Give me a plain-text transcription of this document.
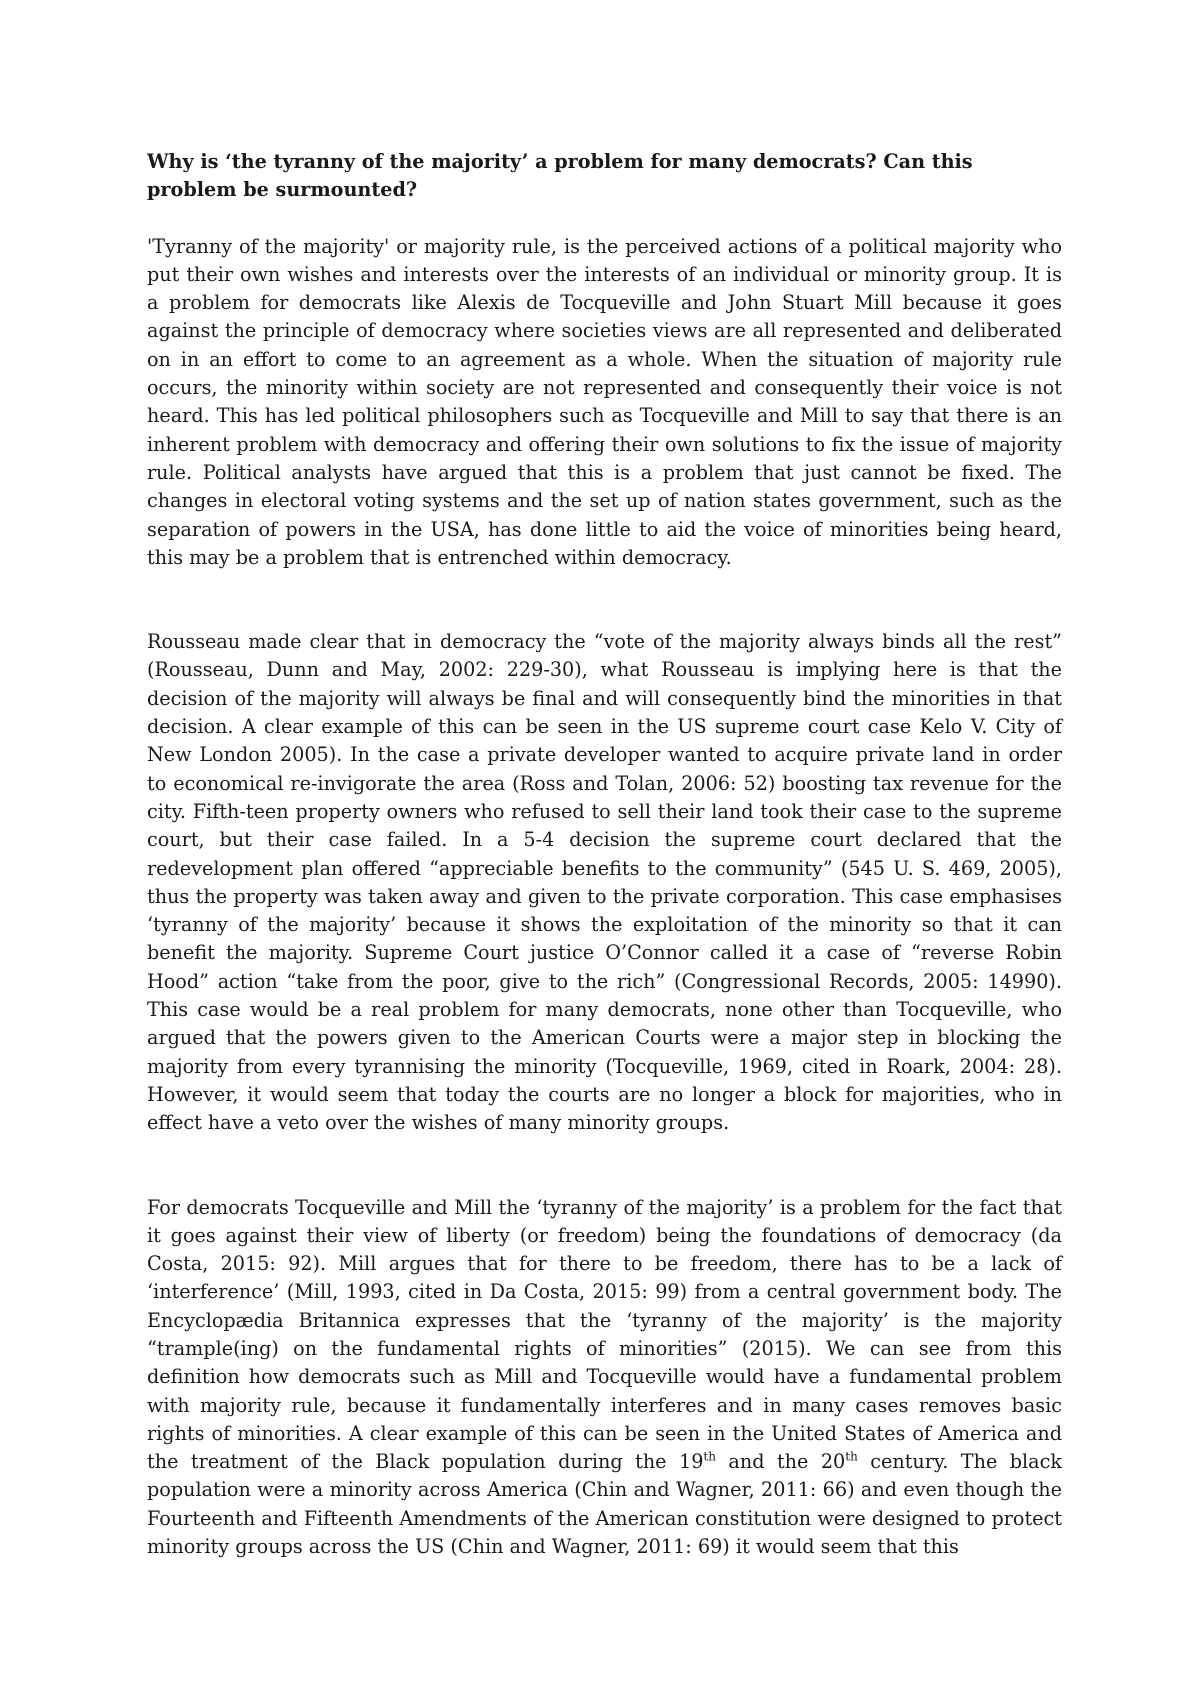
Why is ‘the tyranny of the majority’ a problem for many democrats? Can this problem be surmounted?

'Tyranny of the majority' or majority rule, is the perceived actions of a political majority who put their own wishes and interests over the interests of an individual or minority group. It is a problem for democrats like Alexis de Tocqueville and John Stuart Mill because it goes against the principle of democracy where societies views are all represented and deliberated on in an effort to come to an agreement as a whole. When the situation of majority rule occurs, the minority within society are not represented and consequently their voice is not heard. This has led political philosophers such as Tocqueville and Mill to say that there is an inherent problem with democracy and offering their own solutions to fix the issue of majority rule. Political analysts have argued that this is a problem that just cannot be fixed. The changes in electoral voting systems and the set up of nation states government, such as the separation of powers in the USA, has done little to aid the voice of minorities being heard, this may be a problem that is entrenched within democracy.

Rousseau made clear that in democracy the “vote of the majority always binds all the rest” (Rousseau, Dunn and May, 2002: 229-30), what Rousseau is implying here is that the decision of the majority will always be final and will consequently bind the minorities in that decision. A clear example of this can be seen in the US supreme court case Kelo V. City of New London 2005). In the case a private developer wanted to acquire private land in order to economical re-invigorate the area (Ross and Tolan, 2006: 52) boosting tax revenue for the city. Fifth-teen property owners who refused to sell their land took their case to the supreme court, but their case failed. In a 5-4 decision the supreme court declared that the redevelopment plan offered “appreciable benefits to the community” (545 U. S. 469, 2005), thus the property was taken away and given to the private corporation. This case emphasises ‘tyranny of the majority’ because it shows the exploitation of the minority so that it can benefit the majority. Supreme Court justice O’Connor called it a case of “reverse Robin Hood” action “take from the poor, give to the rich” (Congressional Records, 2005: 14990). This case would be a real problem for many democrats, none other than Tocqueville, who argued that the powers given to the American Courts were a major step in blocking the majority from every tyrannising the minority (Tocqueville, 1969, cited in Roark, 2004: 28). However, it would seem that today the courts are no longer a block for majorities, who in effect have a veto over the wishes of many minority groups.

For democrats Tocqueville and Mill the ‘tyranny of the majority’ is a problem for the fact that it goes against their view of liberty (or freedom) being the foundations of democracy (da Costa, 2015: 92). Mill argues that for there to be freedom, there has to be a lack of ‘interference’ (Mill, 1993, cited in Da Costa, 2015: 99) from a central government body. The Encyclopædia Britannica expresses that the ‘tyranny of the majority’ is the majority “trample(ing) on the fundamental rights of minorities” (2015). We can see from this definition how democrats such as Mill and Tocqueville would have a fundamental problem with majority rule, because it fundamentally interferes and in many cases removes basic rights of minorities. A clear example of this can be seen in the United States of America and the treatment of the Black population during the 19th and the 20th century. The black population were a minority across America (Chin and Wagner, 2011: 66) and even though the Fourteenth and Fifteenth Amendments of the American constitution were designed to protect minority groups across the US (Chin and Wagner, 2011: 69) it would seem that this
